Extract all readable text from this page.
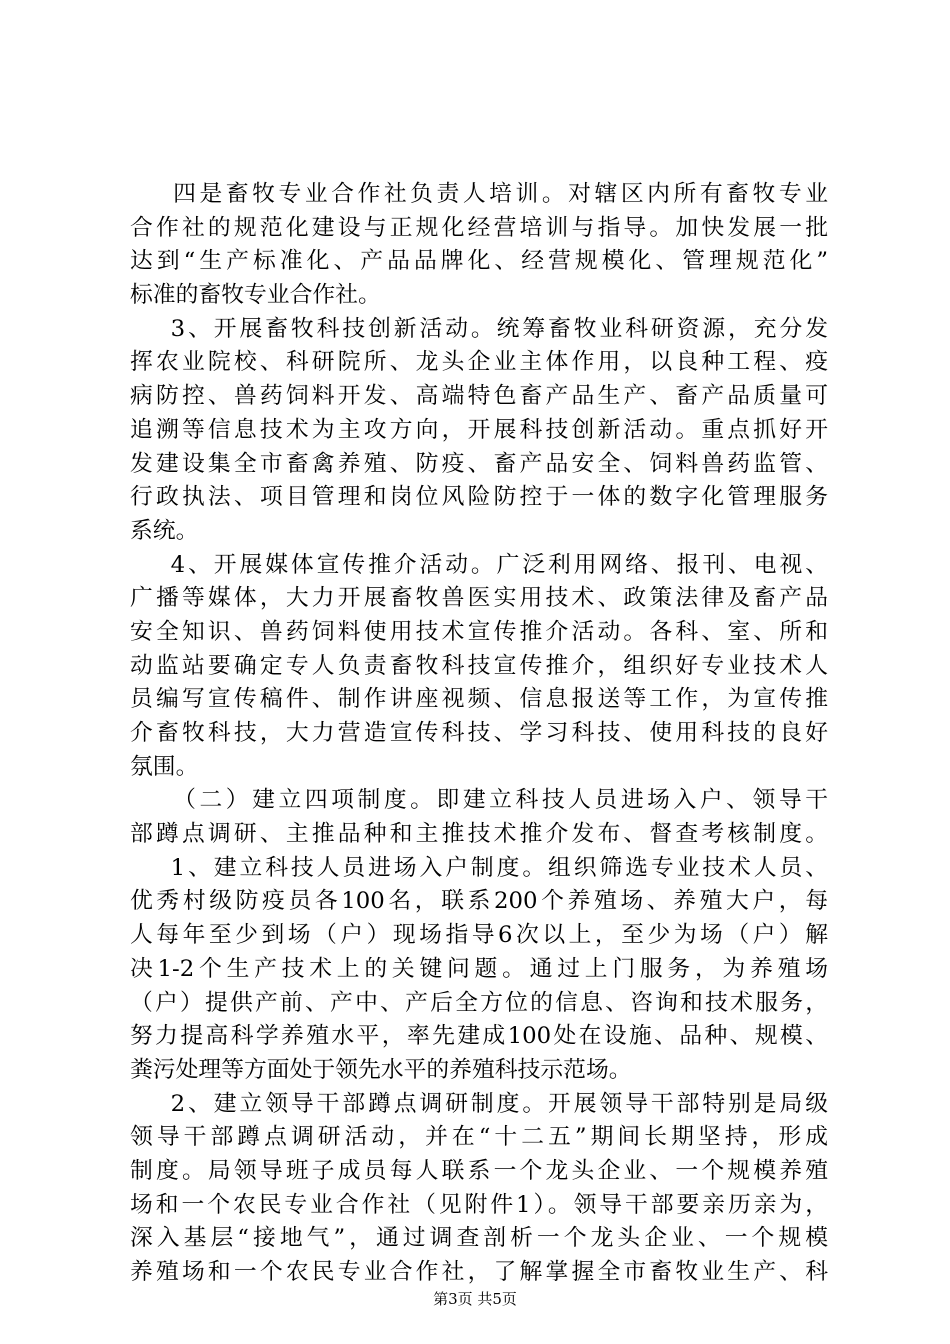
四是畜牧专业合作社负责人培训。对辖区内所有畜牧专业
合作社的规范化建设与正规化经营培训与指导。加快发展一批
达到“生产标准化、产品品牌化、经营规模化、管理规范化”
标准的畜牧专业合作社。
3、开展畜牧科技创新活动。统筹畜牧业科研资源，充分发
挥农业院校、科研院所、龙头企业主体作用，以良种工程、疫
病防控、兽药饲料开发、高端特色畜产品生产、畜产品质量可
追溯等信息技术为主攻方向，开展科技创新活动。重点抓好开
发建设集全市畜禽养殖、防疫、畜产品安全、饲料兽药监管、
行政执法、项目管理和岗位风险防控于一体的数字化管理服务
系统。
4、开展媒体宣传推介活动。广泛利用网络、报刊、电视、
广播等媒体，大力开展畜牧兽医实用技术、政策法律及畜产品
安全知识、兽药饲料使用技术宣传推介活动。各科、室、所和
动监站要确定专人负责畜牧科技宣传推介，组织好专业技术人
员编写宣传稿件、制作讲座视频、信息报送等工作，为宣传推
介畜牧科技，大力营造宣传科技、学习科技、使用科技的良好
氛围。
（二）建立四项制度。即建立科技人员进场入户、领导干
部蹲点调研、主推品种和主推技术推介发布、督查考核制度。
1、建立科技人员进场入户制度。组织筛选专业技术人员、
优秀村级防疫员各100名，联系200个养殖场、养殖大户，每
人每年至少到场（户）现场指导6次以上，至少为场（户）解
决1-2个生产技术上的关键问题。通过上门服务，为养殖场
（户）提供产前、产中、产后全方位的信息、咨询和技术服务，
努力提高科学养殖水平，率先建成100处在设施、品种、规模、
粪污处理等方面处于领先水平的养殖科技示范场。
2、建立领导干部蹲点调研制度。开展领导干部特别是局级
领导干部蹲点调研活动，并在“十二五”期间长期坚持，形成
制度。局领导班子成员每人联系一个龙头企业、一个规模养殖
场和一个农民专业合作社（见附件1）。领导干部要亲历亲为，
深入基层“接地气”，通过调查剖析一个龙头企业、一个规模
养殖场和一个农民专业合作社，了解掌握全市畜牧业生产、科
第3页 共5页
